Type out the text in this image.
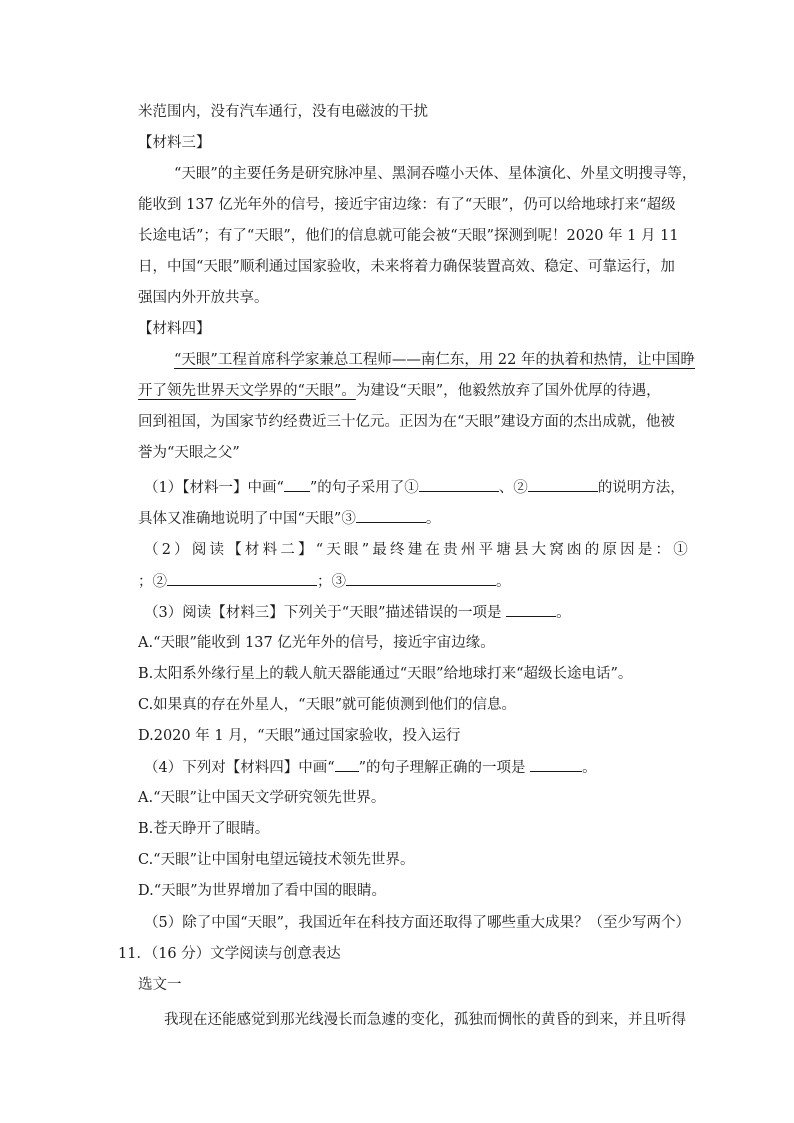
米范围内，没有汽车通行，没有电磁波的干扰
【材料三】
“天眼”的主要任务是研究脉冲星、黑洞吞噬小天体、星体演化、外星文明搜寻等，
能收到 137 亿光年外的信号，接近宇宙边缘：有了“天眼”，仍可以给地球打来“超级
长途电话”；有了“天眼”，他们的信息就可能会被“天眼”探测到呢！2020 年 1 月 11
日，中国“天眼”顺利通过国家验收，未来将着力确保装置高效、稳定、可靠运行，加
强国内外开放共享。
【材料四】
“天眼”工程首席科学家兼总工程师——南仁东，用 22 年的执着和热情，让中国睁
开了领先世界天文学界的“天眼”。为建设“天眼”，他毅然放弃了国外优厚的待遇，
回到祖国，为国家节约经费近三十亿元。正因为在“天眼”建设方面的杰出成就，他被
誉为“天眼之父”
（1）【材料一】中画“ ”的句子采用了①	、②	的说明方法，
具体又准确地说明了中国“天眼”③	。
（2）阅读【材料二】“天眼”最终建在贵州平塘县大窝凼的原因是：①
；②	；③	。
（3）阅读【材料三】下列关于“天眼”描述错误的一项是	。
A.“天眼”能收到 137 亿光年外的信号，接近宇宙边缘。
B.太阳系外缘行星上的载人航天器能通过“天眼”给地球打来“超级长途电话”。
C.如果真的存在外星人，“天眼”就可能侦测到他们的信息。
D.2020 年 1 月，“天眼”通过国家验收，投入运行
（4）下列对【材料四】中画“ ”的句子理解正确的一项是	。
A.“天眼”让中国天文学研究领先世界。
B.苍天睁开了眼睛。
C.“天眼”让中国射电望远镜技术领先世界。
D.“天眼”为世界增加了看中国的眼睛。
（5）除了中国“天眼”，我国近年在科技方面还取得了哪些重大成果？（至少写两个）
11．（16 分）文学阅读与创意表达
选文一
我现在还能感觉到那光线漫长而急遽的变化，孤独而惆怅的黄昏的到来，并且听得
